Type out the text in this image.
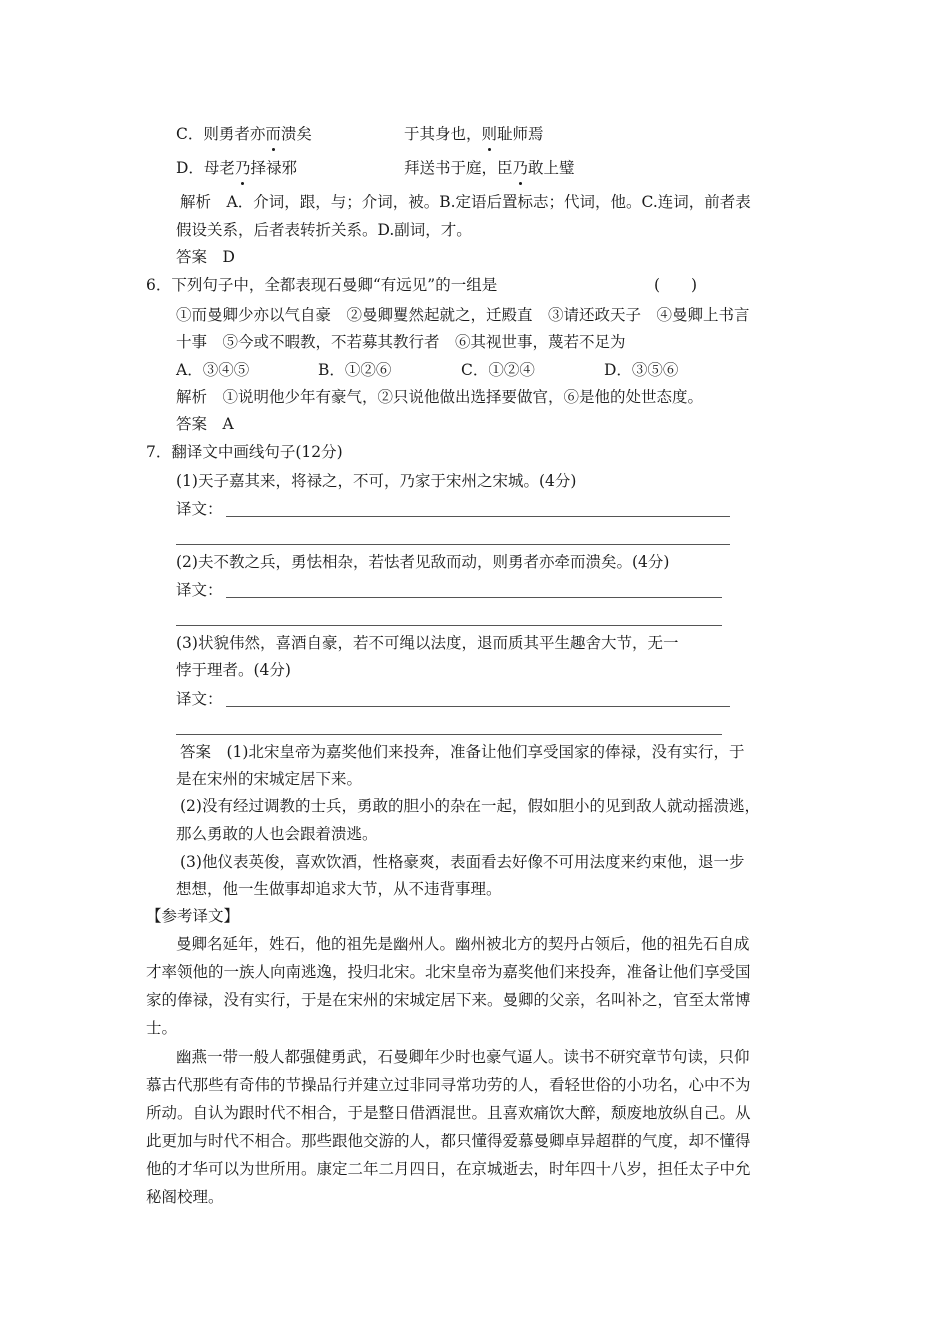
C．则勇者亦而溃矣	于其身也，则耻师焉
D．母老乃择禄邪	拜送书于庭，臣乃敢上璧
解析　A．介词，跟，与；介词，被。B.定语后置标志；代词，他。C.连词，前者表
假设关系，后者表转折关系。D.副词，才。
答案　D
6．下列句子中，全都表现石曼卿“有远见”的一组是	(　　)
①而曼卿少亦以气自豪　②曼卿矍然起就之，迁殿直　③请还政天子　④曼卿上书言
十事　⑤今或不暇教，不若募其教行者　⑥其视世事，蔑若不足为
A．③④⑤	B．①②⑥	C．①②④	D．③⑤⑥
解析　①说明他少年有豪气，②只说他做出选择要做官，⑥是他的处世态度。
答案　A
7．翻译文中画线句子(12分)
(1)天子嘉其来，将禄之，不可，乃家于宋州之宋城。(4分)
译文：
(2)夫不教之兵，勇怯相杂，若怯者见敌而动，则勇者亦牵而溃矣。(4分)
译文：
(3)状貌伟然，喜酒自豪，若不可绳以法度，退而质其平生趣舍大节，无一
悖于理者。(4分)
译文：
答案　(1)北宋皇帝为嘉奖他们来投奔，准备让他们享受国家的俸禄，没有实行，于
是在宋州的宋城定居下来。
(2)没有经过调教的士兵，勇敢的胆小的杂在一起，假如胆小的见到敌人就动摇溃逃，
那么勇敢的人也会跟着溃逃。
(3)他仪表英俊，喜欢饮酒，性格豪爽，表面看去好像不可用法度来约束他，退一步
想想，他一生做事却追求大节，从不违背事理。
【参考译文】
曼卿名延年，姓石，他的祖先是幽州人。幽州被北方的契丹占领后，他的祖先石自成
才率领他的一族人向南逃逸，投归北宋。北宋皇帝为嘉奖他们来投奔，准备让他们享受国
家的俸禄，没有实行，于是在宋州的宋城定居下来。曼卿的父亲，名叫补之，官至太常博
士。
幽燕一带一般人都强健勇武，石曼卿年少时也豪气逼人。读书不研究章节句读，只仰
慕古代那些有奇伟的节操品行并建立过非同寻常功劳的人，看轻世俗的小功名，心中不为
所动。自认为跟时代不相合，于是整日借酒混世。且喜欢痛饮大醉，颓废地放纵自己。从
此更加与时代不相合。那些跟他交游的人，都只懂得爱慕曼卿卓异超群的气度，却不懂得
他的才华可以为世所用。康定二年二月四日，在京城逝去，时年四十八岁，担任太子中允
秘阁校理。
